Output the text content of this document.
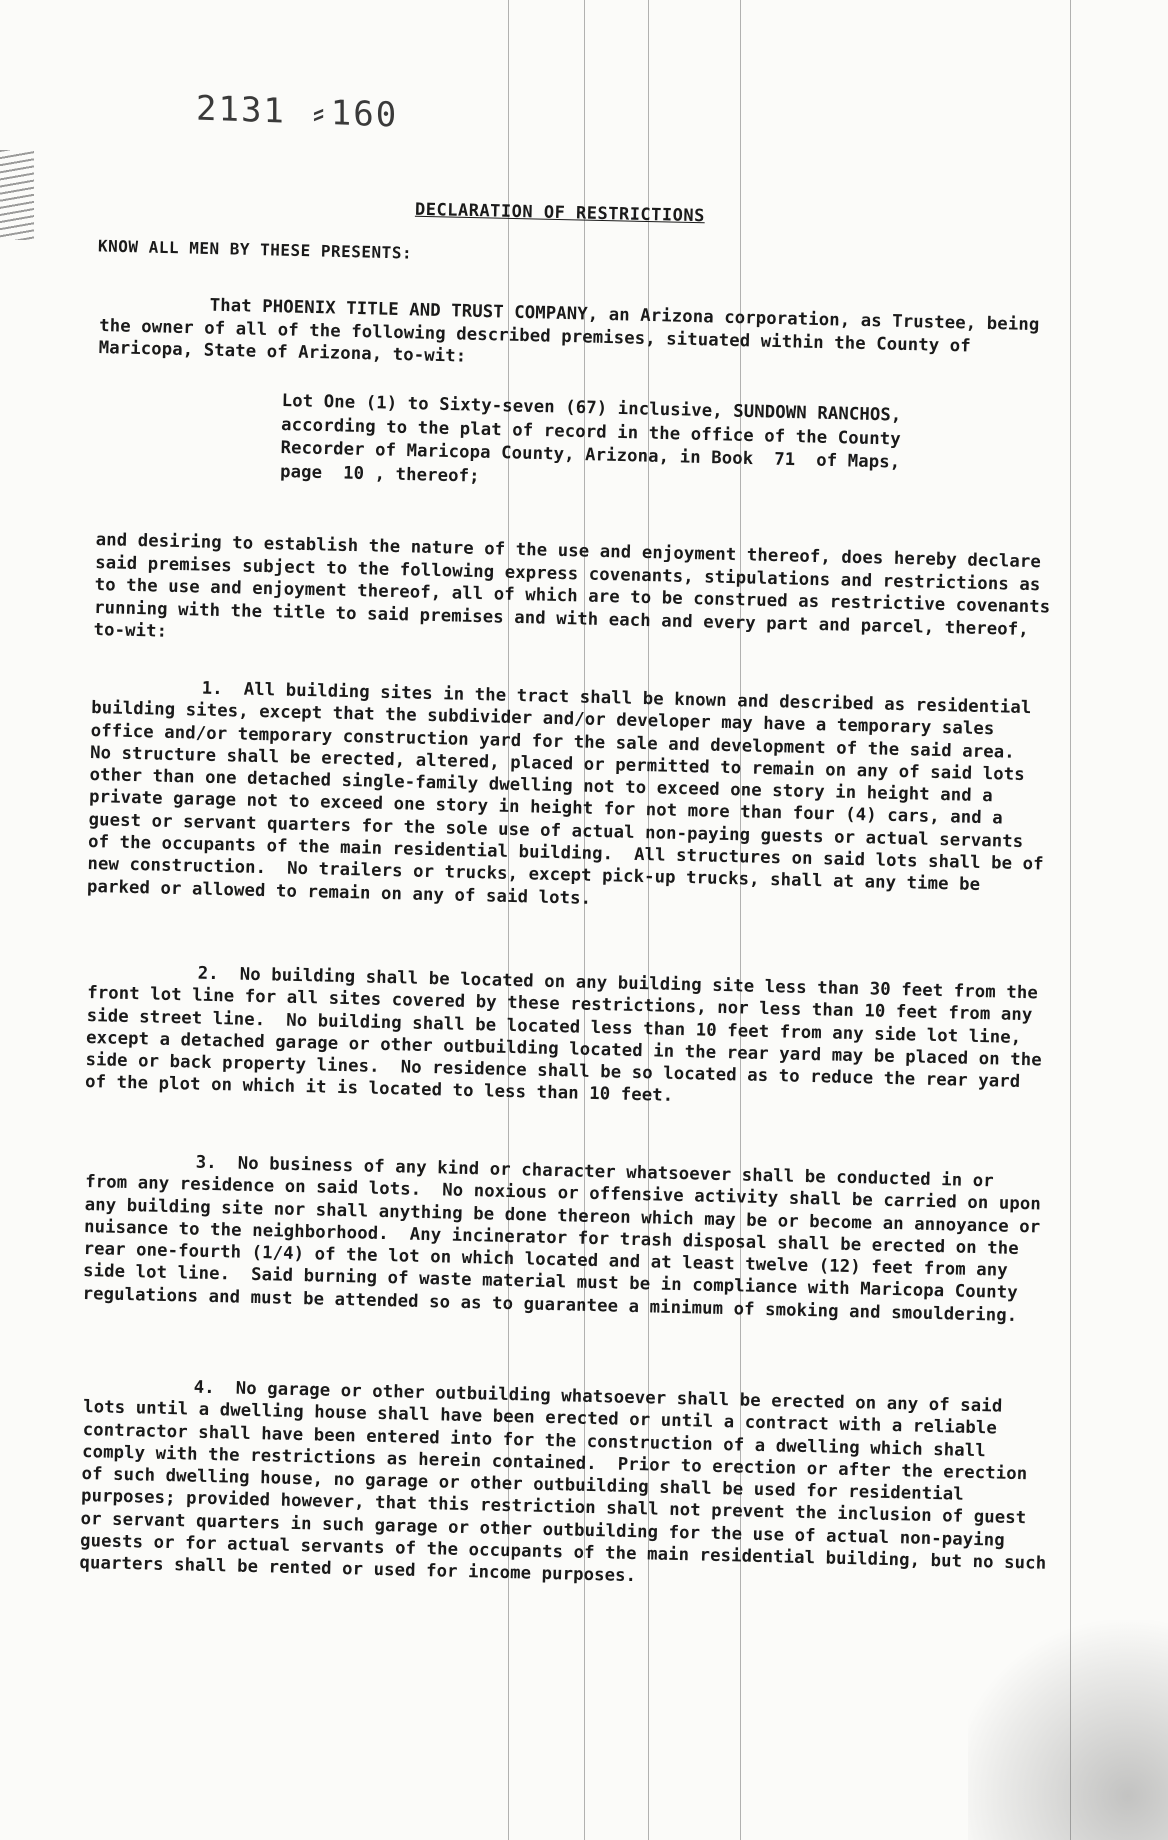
2131 ⸗160
DECLARATION OF RESTRICTIONS
KNOW ALL MEN BY THESE PRESENTS:
That PHOENIX TITLE AND TRUST COMPANY, an Arizona corporation, as Trustee, being the owner of all of the following described premises, situated within the County of Maricopa, State of Arizona, to-wit:
Lot One (1) to Sixty-seven (67) inclusive, SUNDOWN RANCHOS, according to the plat of record in the office of the County Recorder of Maricopa County, Arizona, in Book  71  of Maps, page  10 , thereof;
and desiring to establish the nature of the use and enjoyment thereof, does hereby declare said premises subject to the following express covenants, stipulations and restrictions as to the use and enjoyment thereof, all of which are to be construed as restrictive covenants running with the title to said premises and with each and every part and parcel, thereof, to-wit:
1.  All building sites in the tract shall be known and described as residential building sites, except that the subdivider and/or developer may have a temporary sales office and/or temporary construction yard for the sale and development of the said area.  No structure shall be erected, altered, placed or permitted to remain on any of said lots other than one detached single-family dwelling not to exceed one story in height and a private garage not to exceed one story in height for not more than four (4) cars, and a guest or servant quarters for the sole use of actual non-paying guests or actual servants of the occupants of the main residential building.  All structures on said lots shall be of new construction.  No trailers or trucks, except pick-up trucks, shall at any time be parked or allowed to remain on any of said lots.
2.  No building shall be located on any building site less than 30 feet from the front lot line for all sites covered by these restrictions, nor less than 10 feet from any side street line.  No building shall be located less than 10 feet from any side lot line, except a detached garage or other outbuilding located in the rear yard may be placed on the side or back property lines.  No residence shall be so located as to reduce the rear yard of the plot on which it is located to less than 10 feet.
3.  No business of any kind or character whatsoever shall be conducted in or from any residence on said lots.  No noxious or offensive activity shall be carried on upon any building site nor shall anything be done thereon which may be or become an annoyance or nuisance to the neighborhood.  Any incinerator for trash disposal shall be erected on the rear one-fourth (1/4) of the lot on which located and at least twelve (12) feet from any side lot line.  Said burning of waste material must be in compliance with Maricopa County regulations and must be attended so as to guarantee a minimum of smoking and smouldering.
4.  No garage or other outbuilding whatsoever shall be erected on any of said lots until a dwelling house shall have been erected or until a contract with a reliable contractor shall have been entered into for the construction of a dwelling which shall comply with the restrictions as herein contained.  Prior to erection or after the erection of such dwelling house, no garage or other outbuilding shall be used for residential purposes; provided however, that this restriction shall not prevent the inclusion of guest or servant quarters in such garage or other outbuilding for the use of actual non-paying guests or for actual servants of the occupants of the main residential building, but no such quarters shall be rented or used for income purposes.
